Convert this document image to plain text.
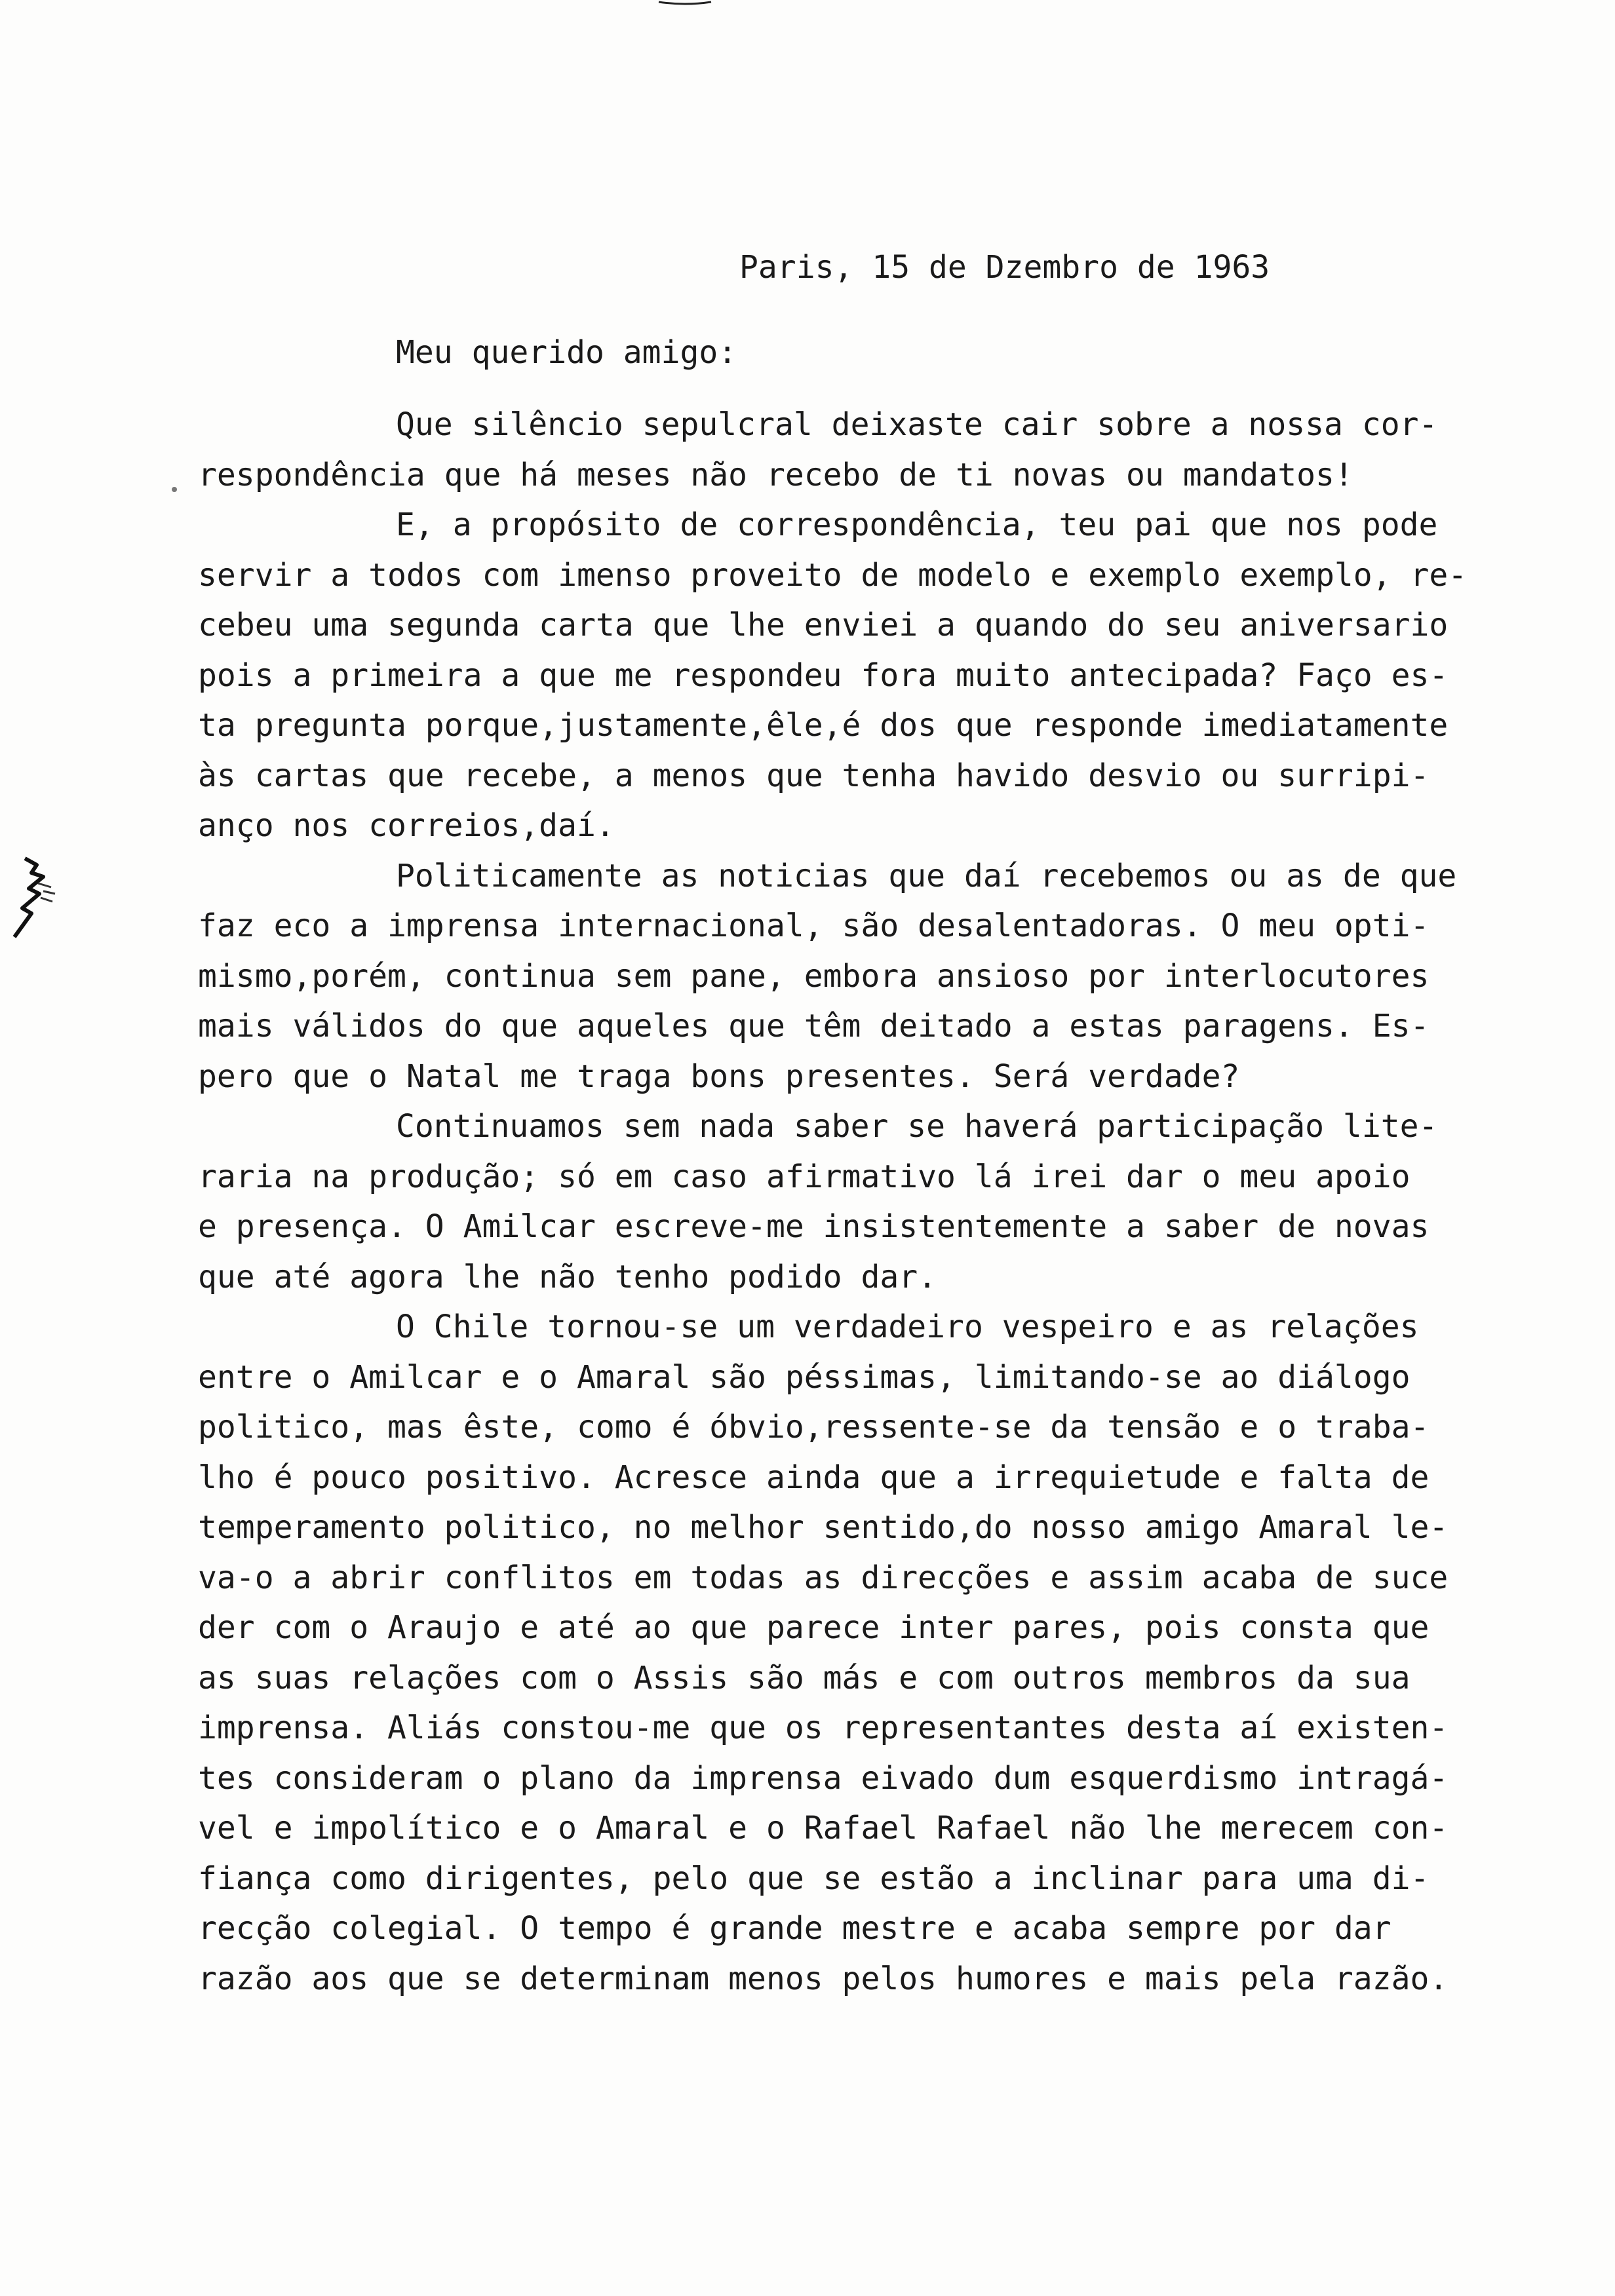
Paris, 15 de Dzembro de 1963
Meu querido amigo:
Que silêncio sepulcral deixaste cair sobre a nossa cor-
respondência que há meses não recebo de ti novas ou mandatos!
E, a propósito de correspondência, teu pai que nos pode
servir a todos com imenso proveito de modelo e exemplo exemplo, re-
cebeu uma segunda carta que lhe enviei a quando do seu aniversario
pois a primeira a que me respondeu fora muito antecipada? Faço es-
ta pregunta porque,justamente,êle,é dos que responde imediatamente
às cartas que recebe, a menos que tenha havido desvio ou surripi-
anço nos correios,daí.
Politicamente as noticias que daí recebemos ou as de que
faz eco a imprensa internacional, são desalentadoras. O meu opti-
mismo,porém, continua sem pane, embora ansioso por interlocutores
mais válidos do que aqueles que têm deitado a estas paragens. Es-
pero que o Natal me traga bons presentes. Será verdade?
Continuamos sem nada saber se haverá participação lite-
raria na produção; só em caso afirmativo lá irei dar o meu apoio
e presença. O Amilcar escreve-me insistentemente a saber de novas
que até agora lhe não tenho podido dar.
O Chile tornou-se um verdadeiro vespeiro e as relações
entre o Amilcar e o Amaral são péssimas, limitando-se ao diálogo
politico, mas êste, como é óbvio,ressente-se da tensão e o traba-
lho é pouco positivo. Acresce ainda que a irrequietude e falta de
temperamento politico, no melhor sentido,do nosso amigo Amaral le-
va-o a abrir conflitos em todas as direcções e assim acaba de suce
der com o Araujo e até ao que parece inter pares, pois consta que
as suas relações com o Assis são más e com outros membros da sua
imprensa. Aliás constou-me que os representantes desta aí existen-
tes consideram o plano da imprensa eivado dum esquerdismo intragá-
vel e impolítico e o Amaral e o Rafael Rafael não lhe merecem con-
fiança como dirigentes, pelo que se estão a inclinar para uma di-
recção colegial. O tempo é grande mestre e acaba sempre por dar
razão aos que se determinam menos pelos humores e mais pela razão.
